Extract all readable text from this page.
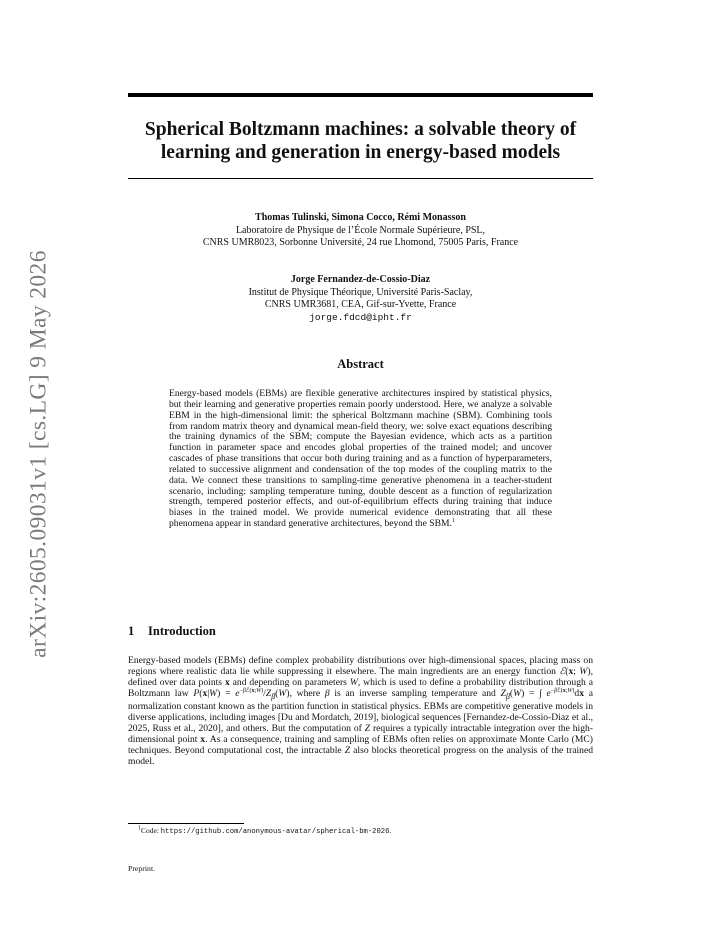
arXiv:2605.09031v1 [cs.LG] 9 May 2026
Spherical Boltzmann machines: a solvable theory of learning and generation in energy-based models
Thomas Tulinski, Simona Cocco, Rémi Monasson
Laboratoire de Physique de l’École Normale Supérieure, PSL,
CNRS UMR8023, Sorbonne Université, 24 rue Lhomond, 75005 Paris, France
Jorge Fernandez-de-Cossio-Diaz
Institut de Physique Théorique, Université Paris-Saclay,
CNRS UMR3681, CEA, Gif-sur-Yvette, France
jorge.fdcd@ipht.fr
Abstract

Energy-based models (EBMs) are flexible generative architectures inspired by statistical physics, but their learning and generative properties remain poorly understood. Here, we analyze a solvable EBM in the high-dimensional limit: the spherical Boltzmann machine (SBM). Combining tools from random matrix theory and dynamical mean-field theory, we: solve exact equations describing the training dynamics of the SBM; compute the Bayesian evidence, which acts as a partition function in parameter space and encodes global properties of the trained model; and uncover cascades of phase transitions that occur both during training and as a function of hyperparameters, related to successive alignment and condensation of the top modes of the coupling matrix to the data. We connect these transitions to sampling-time generative phenomena in a teacher-student scenario, including: sampling temperature tuning, double descent as a function of regularization strength, tempered posterior effects, and out-of-equilibrium effects during training that induce biases in the trained model. We provide numerical evidence demonstrating that all these phenomena appear in standard generative architectures, beyond the SBM.$^1$

1 Introduction

Energy-based models (EBMs) define complex probability distributions over high-dimensional spaces, placing mass on regions where realistic data lie while suppressing it elsewhere. The main ingredients are an energy function ℰ(x; W), defined over data points x and depending on parameters W, which is used to define a probability distribution through a Boltzmann law $P(x|W) = e^{-\beta ℰ(x;W)}/Z_\beta(W)$, where β is an inverse sampling temperature and $Z_\beta(W)$ = ∫ $e^{-\beta ℰ(x;W)}dx$ a normalization constant known as the partition function in statistical physics. EBMs are competitive generative models in diverse applications, including images [Du and Mordatch, 2019], biological sequences [Fernandez-de-Cossio-Diaz et al., 2025, Russ et al., 2020], and others. But the computation of Z requires a typically intractable integration over the high-dimensional point x. As a consequence, training and sampling of EBMs often relies on approximate Monte Carlo (MC) techniques. Beyond computational cost, the intractable Z also blocks theoretical progress on the analysis of the trained model.

$^1$Code: https://github.com/anonymous-avatar/spherical-bm-2026.
Preprint.
